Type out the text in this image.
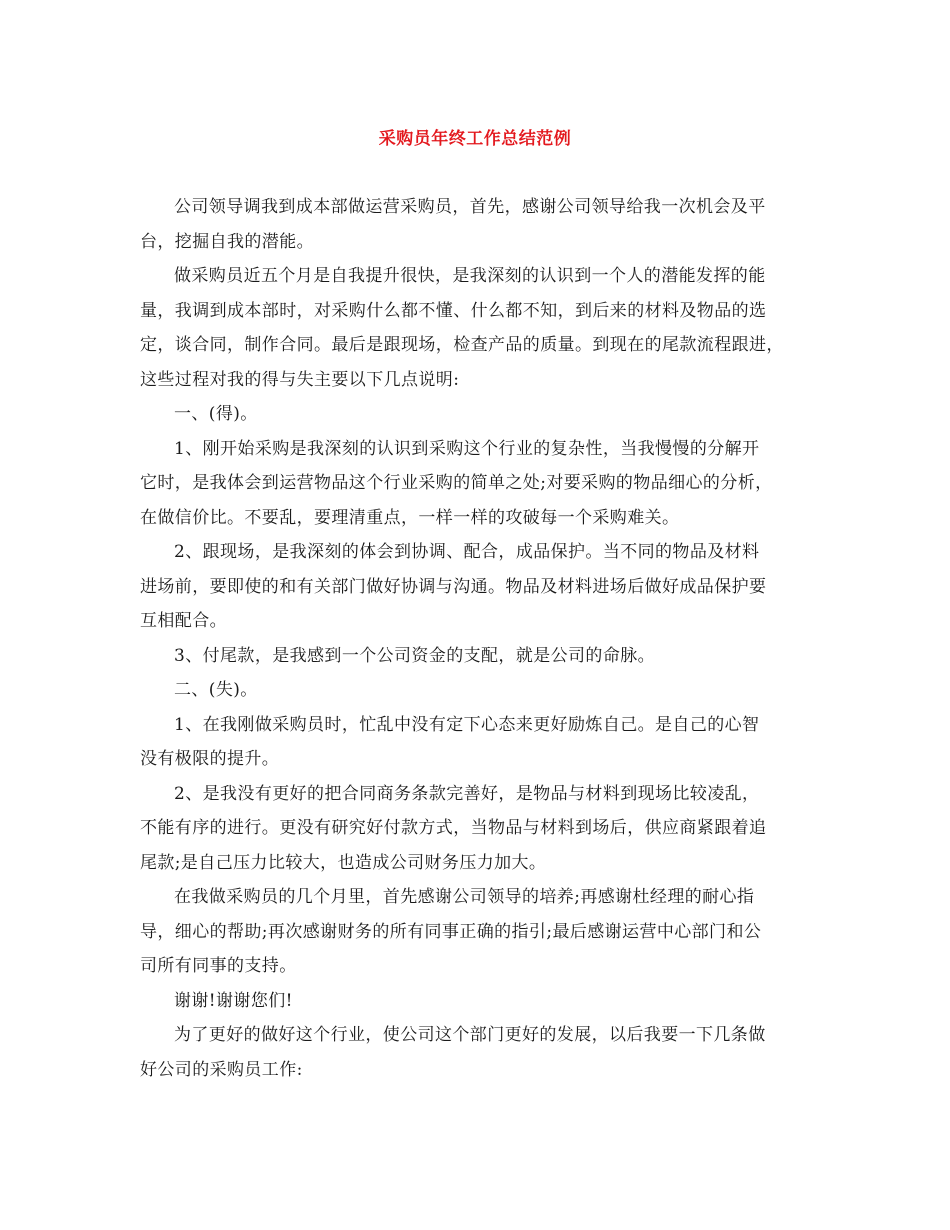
采购员年终工作总结范例
公司领导调我到成本部做运营采购员，首先，感谢公司领导给我一次机会及平
台，挖掘自我的潜能。
做采购员近五个月是自我提升很快，是我深刻的认识到一个人的潜能发挥的能
量，我调到成本部时，对采购什么都不懂、什么都不知，到后来的材料及物品的选
定，谈合同，制作合同。最后是跟现场，检查产品的质量。到现在的尾款流程跟进，
这些过程对我的得与失主要以下几点说明:
一、(得)。
1、刚开始采购是我深刻的认识到采购这个行业的复杂性，当我慢慢的分解开
它时，是我体会到运营物品这个行业采购的简单之处;对要采购的物品细心的分析，
在做信价比。不要乱，要理清重点，一样一样的攻破每一个采购难关。
2、跟现场，是我深刻的体会到协调、配合，成品保护。当不同的物品及材料
进场前，要即使的和有关部门做好协调与沟通。物品及材料进场后做好成品保护要
互相配合。
3、付尾款，是我感到一个公司资金的支配，就是公司的命脉。
二、(失)。
1、在我刚做采购员时，忙乱中没有定下心态来更好励炼自己。是自己的心智
没有极限的提升。
2、是我没有更好的把合同商务条款完善好，是物品与材料到现场比较凌乱，
不能有序的进行。更没有研究好付款方式，当物品与材料到场后，供应商紧跟着追
尾款;是自己压力比较大，也造成公司财务压力加大。
在我做采购员的几个月里，首先感谢公司领导的培养;再感谢杜经理的耐心指
导，细心的帮助;再次感谢财务的所有同事正确的指引;最后感谢运营中心部门和公
司所有同事的支持。
谢谢!谢谢您们!
为了更好的做好这个行业，使公司这个部门更好的发展，以后我要一下几条做
好公司的采购员工作:
